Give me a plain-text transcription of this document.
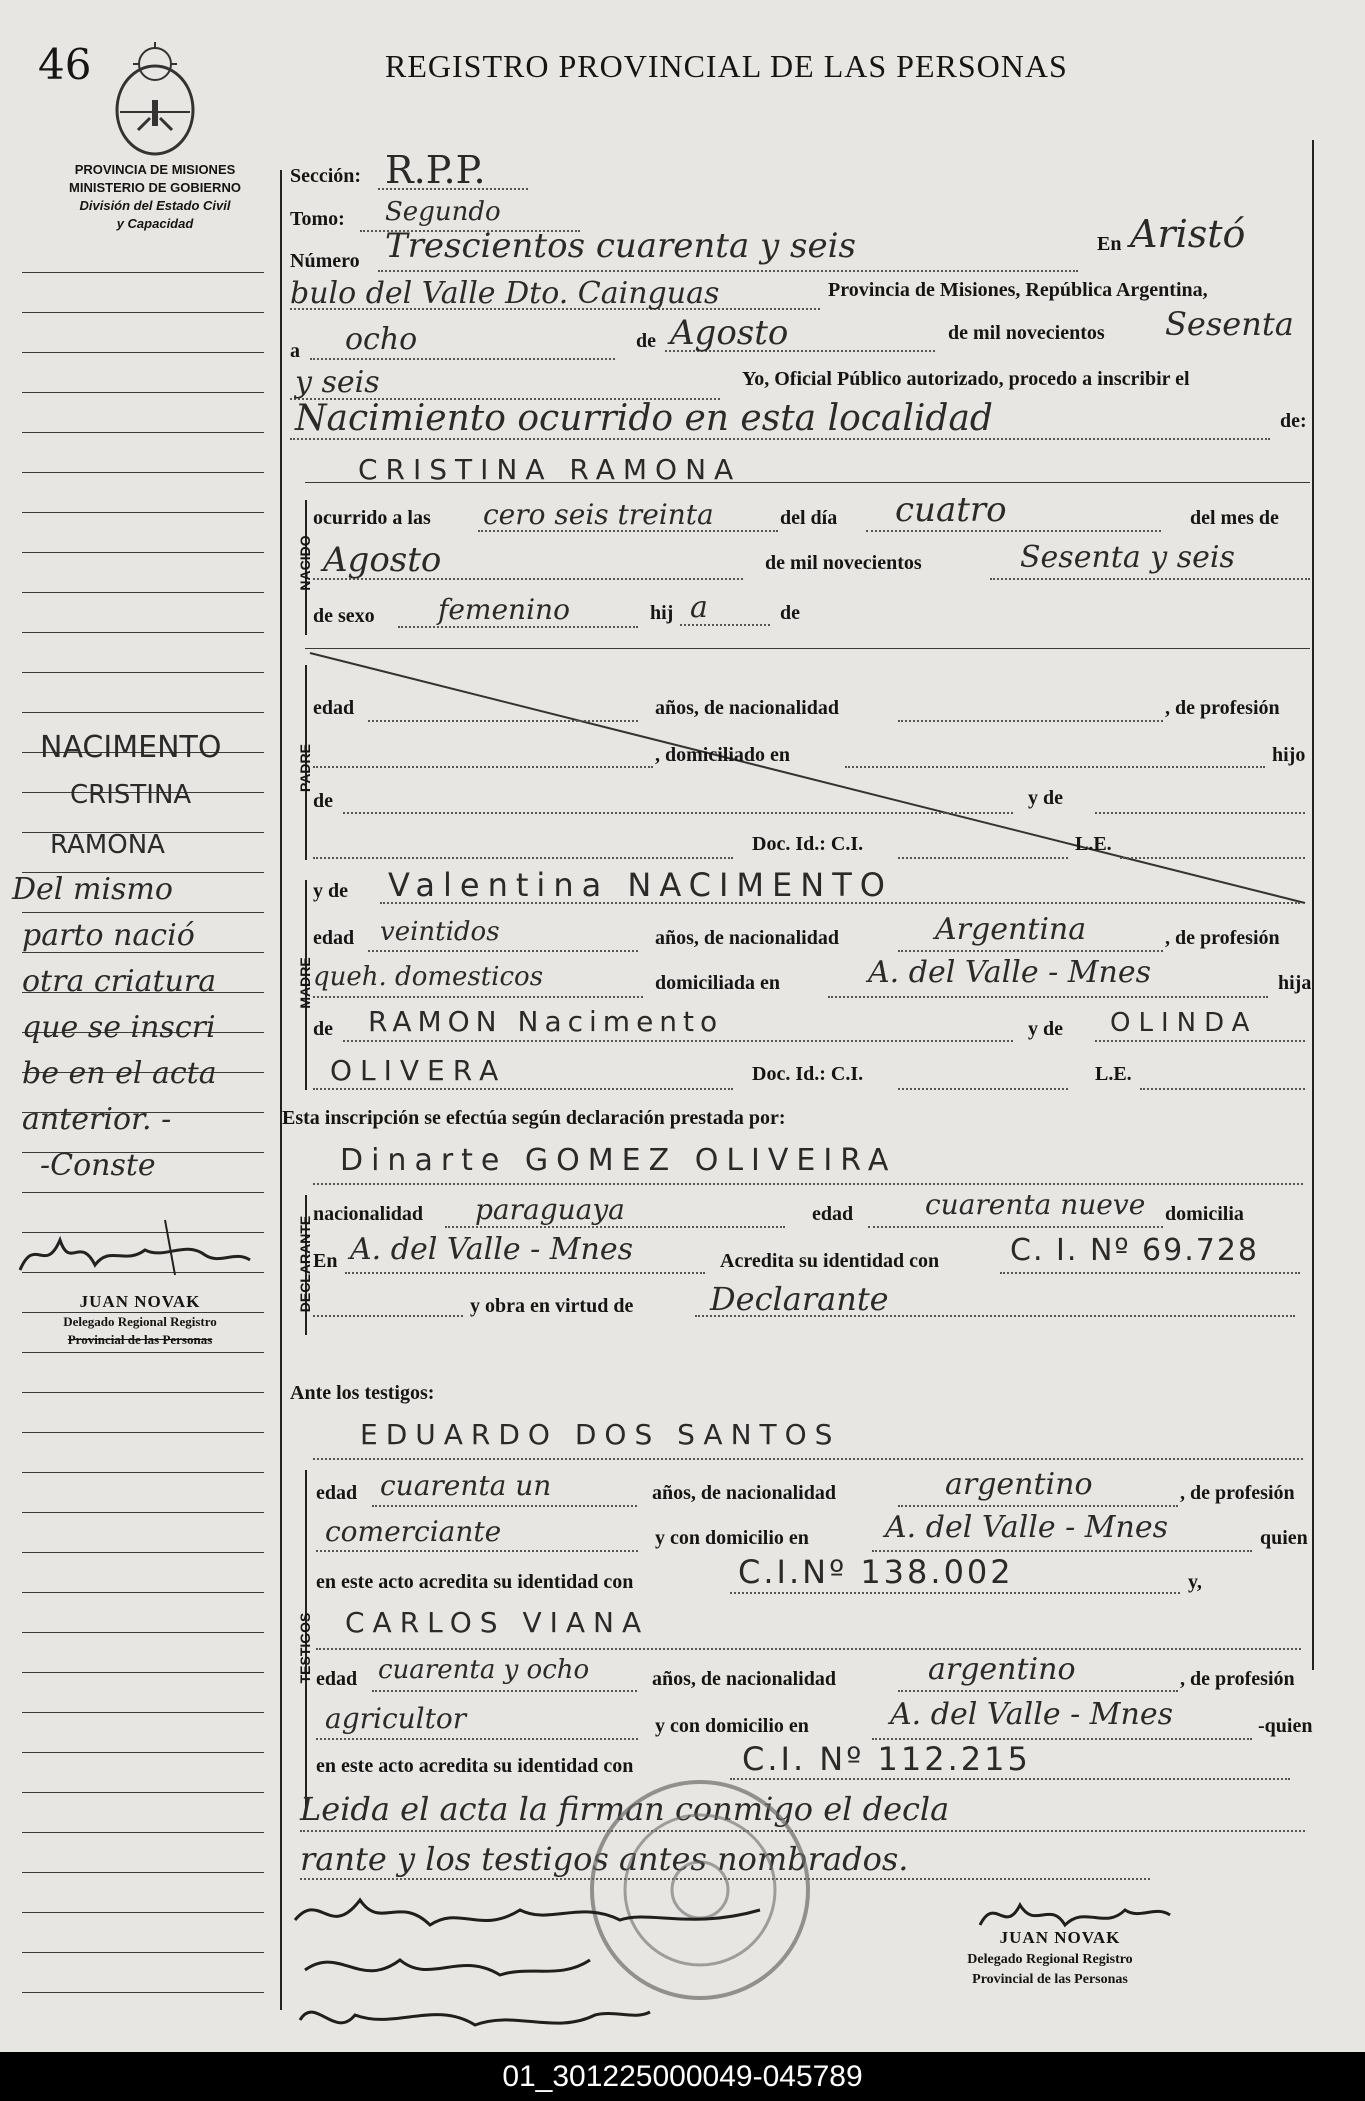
46	REGISTRO PROVINCIAL DE LAS PERSONAS
PROVINCIA DE MISIONES
MINISTERIO DE GOBIERNO
División del Estado Civil
y Capacidad
NACIMENTO
CRISTINA
RAMONA
Del mismo
parto nació
otra criatura
que se inscri
be en el acta
anterior. -
-Conste
JUAN NOVAK
Delegado Regional Registro
Provincial de las Personas
Sección: R.P.P.
Tomo: Segundo
Número Trescientos cuarenta y seis	En Aristó
bulo del Valle Dto. Cainguas	Provincia de Misiones, República Argentina,
a ocho	de Agosto	de mil novecientos Sesenta
y seis	Yo, Oficial Público autorizado, procedo a inscribir el
Nacimiento ocurrido en esta localidad	de:
CRISTINA RAMONA
NACIDO
ocurrido a las cero seis treinta	del día cuatro	del mes de
Agosto	de mil novecientos	Sesenta y seis
de sexo femenino	hij a	de
PADRE
edad	años, de nacionalidad	, de profesión
, domiciliado en	hijo
de	y de
Doc. Id.: C.I.	L.E.
MADRE
y de Valentina NACIMENTO
edad veintidos	años, de nacionalidad	Argentina	, de profesión
queh. domesticos	domiciliada en	A. del Valle - Mnes	hija
de RAMON Nacimento	y de OLINDA
OLIVERA	Doc. Id.: C.I.	L.E.
Esta inscripción se efectúa según declaración prestada por:
Dinarte GOMEZ OLIVEIRA
DECLARANTE
nacionalidad paraguaya	edad	cuarenta nueve domicilia
En A. del Valle - Mnes	Acredita su identidad con C. I. Nº 69.728
y obra en virtud de Declarante
Ante los testigos:
EDUARDO DOS SANTOS
TESTIGOS
edad cuarenta un	años, de nacionalidad	argentino	, de profesión
comerciante	y con domicilio en	A. del Valle - Mnes	quien
en este acto acredita su identidad con	C.I.Nº 138.002	y,
CARLOS VIANA
edad cuarenta y ocho	años, de nacionalidad	argentino	, de profesión
agricultor	y con domicilio en	A. del Valle - Mnes	-quien
en este acto acredita su identidad con	C.I. Nº 112.215
Leida el acta la firman conmigo el decla
rante y los testigos antes nombrados.
JUAN NOVAK
Delegado Regional Registro
Provincial de las Personas
01_301225000049-045789
